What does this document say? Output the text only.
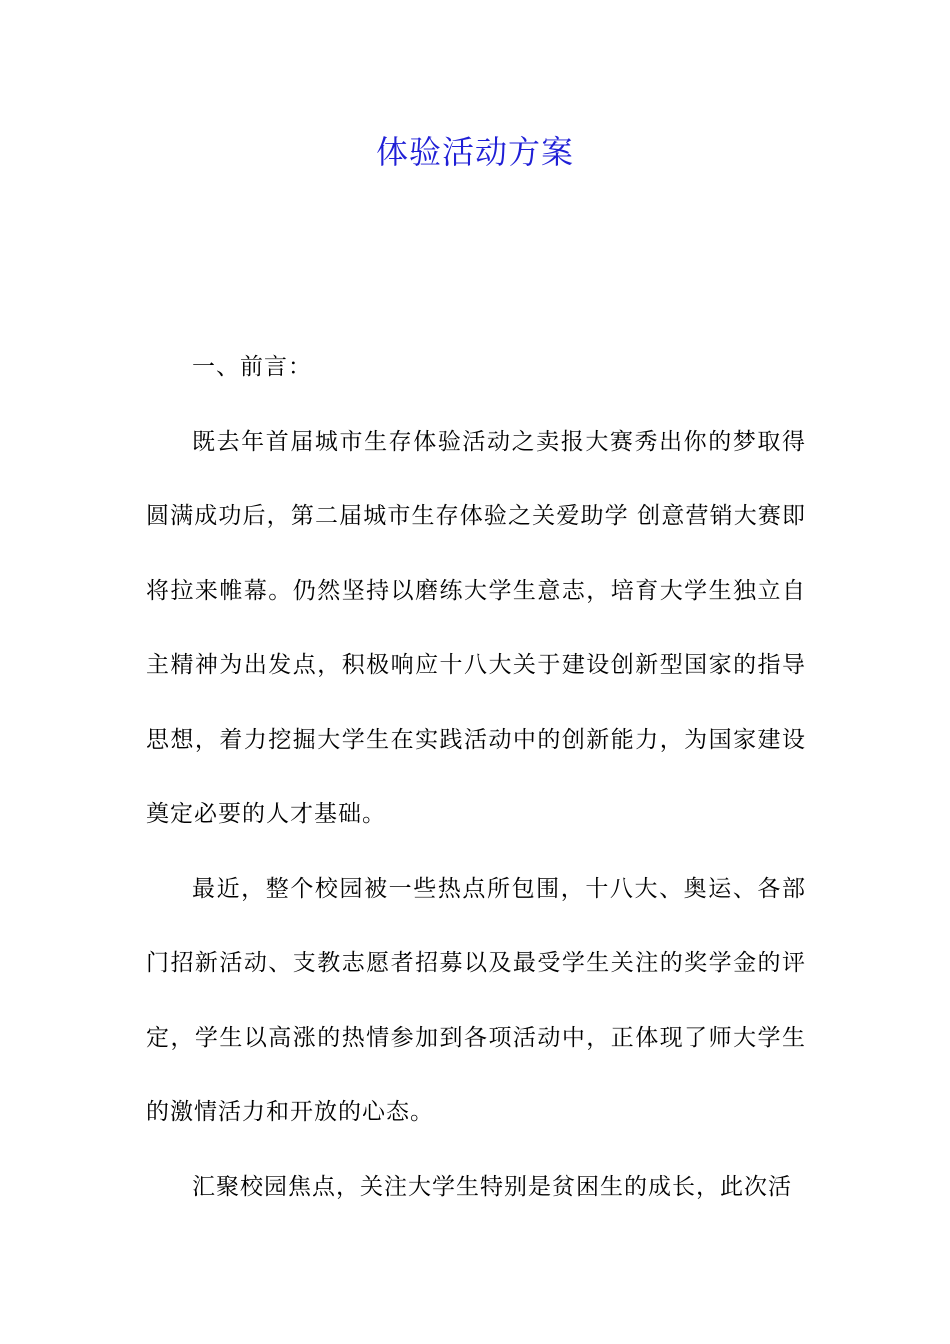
体验活动方案

一、前言：

既去年首届城市生存体验活动之卖报大赛秀出你的梦取得圆满成功后，第二届城市生存体验之关爱助学 创意营销大赛即将拉来帷幕。仍然坚持以磨练大学生意志，培育大学生独立自主精神为出发点，积极响应十八大关于建设创新型国家的指导思想，着力挖掘大学生在实践活动中的创新能力，为国家建设奠定必要的人才基础。

最近，整个校园被一些热点所包围，十八大、奥运、各部门招新活动、支教志愿者招募以及最受学生关注的奖学金的评定，学生以高涨的热情参加到各项活动中，正体现了师大学生的激情活力和开放的心态。

汇聚校园焦点，关注大学生特别是贫困生的成长，此次活
